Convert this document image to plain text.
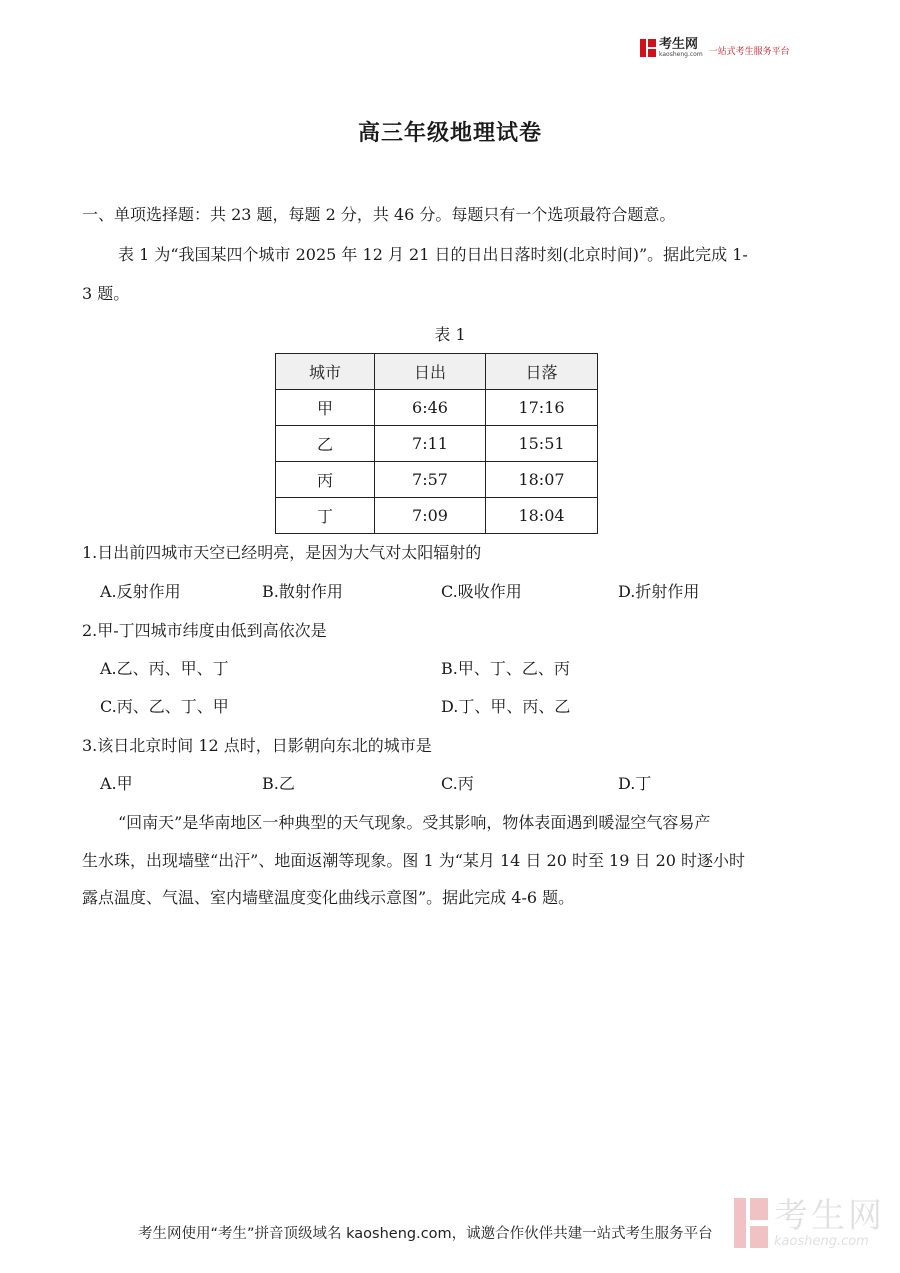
考生网
kaosheng.com 一站式考生服务平台
高三年级地理试卷
一、单项选择题：共 23 题，每题 2 分，共 46 分。每题只有一个选项最符合题意。
表 1 为“我国某四个城市 2025 年 12 月 21 日的日出日落时刻(北京时间)”。据此完成 1-
3 题。
表 1
城市	日出	日落
甲	6:46	17:16
乙	7:11	15:51
丙	7:57	18:07
丁	7:09	18:04
1.日出前四城市天空已经明亮，是因为大气对太阳辐射的
A.反射作用	B.散射作用	C.吸收作用	D.折射作用
2.甲-丁四城市纬度由低到高依次是
A.乙、丙、甲、丁	B.甲、丁、乙、丙
C.丙、乙、丁、甲	D.丁、甲、丙、乙
3.该日北京时间 12 点时，日影朝向东北的城市是
A.甲	B.乙	C.丙	D.丁
“回南天”是华南地区一种典型的天气现象。受其影响，物体表面遇到暖湿空气容易产
生水珠，出现墙壁“出汗”、地面返潮等现象。图 1 为“某月 14 日 20 时至 19 日 20 时逐小时
露点温度、气温、室内墙壁温度变化曲线示意图”。据此完成 4-6 题。
考生网使用“考生”拼音顶级域名 kaosheng.com，诚邀合作伙伴共建一站式考生服务平台 考生网
kaosheng.com
